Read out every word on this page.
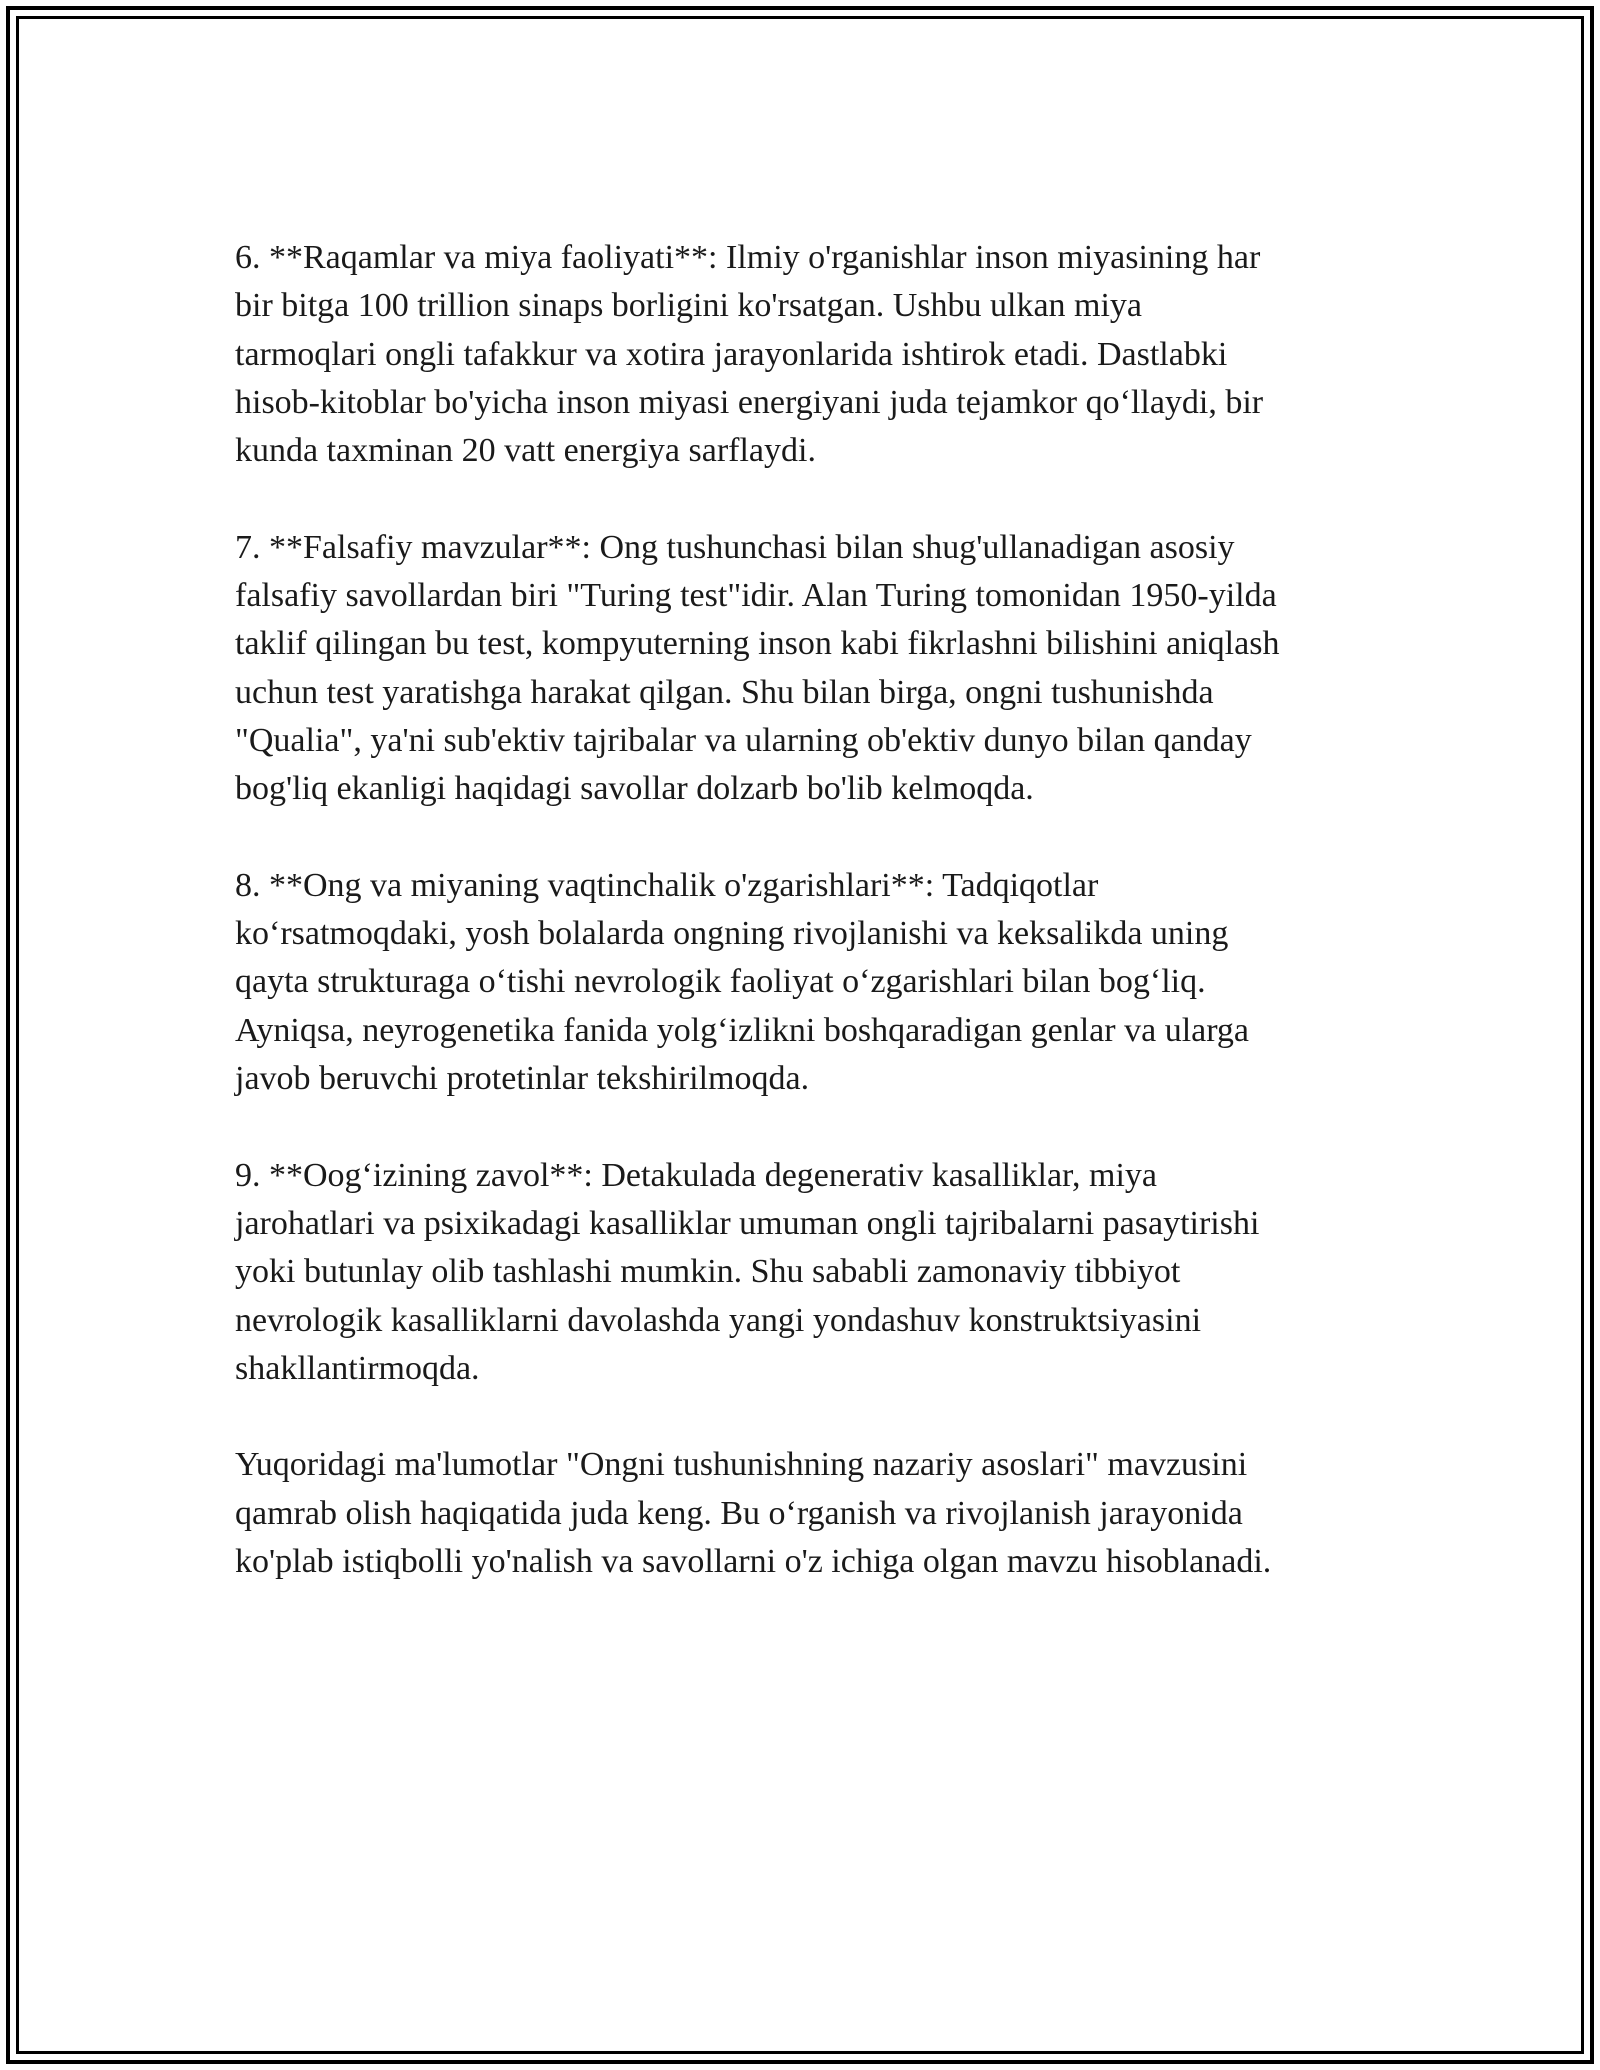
6. **Raqamlar va miya faoliyati**: Ilmiy o'rganishlar inson miyasining har
bir bitga 100 trillion sinaps borligini ko'rsatgan. Ushbu ulkan miya
tarmoqlari ongli tafakkur va xotira jarayonlarida ishtirok etadi. Dastlabki
hisob-kitoblar bo'yicha inson miyasi energiyani juda tejamkor qo‘llaydi, bir
kunda taxminan 20 vatt energiya sarflaydi.

7. **Falsafiy mavzular**: Ong tushunchasi bilan shug'ullanadigan asosiy
falsafiy savollardan biri "Turing test"idir. Alan Turing tomonidan 1950-yilda
taklif qilingan bu test, kompyuterning inson kabi fikrlashni bilishini aniqlash
uchun test yaratishga harakat qilgan. Shu bilan birga, ongni tushunishda
"Qualia", ya'ni sub'ektiv tajribalar va ularning ob'ektiv dunyo bilan qanday
bog'liq ekanligi haqidagi savollar dolzarb bo'lib kelmoqda.

8. **Ong va miyaning vaqtinchalik o'zgarishlari**: Tadqiqotlar
ko‘rsatmoqdaki, yosh bolalarda ongning rivojlanishi va keksalikda uning
qayta strukturaga o‘tishi nevrologik faoliyat o‘zgarishlari bilan bog‘liq.
Ayniqsa, neyrogenetika fanida yolg‘izlikni boshqaradigan genlar va ularga
javob beruvchi protetinlar tekshirilmoqda.

9. **Oog‘izining zavol**: Detakulada degenerativ kasalliklar, miya
jarohatlari va psixikadagi kasalliklar umuman ongli tajribalarni pasaytirishi
yoki butunlay olib tashlashi mumkin. Shu sababli zamonaviy tibbiyot
nevrologik kasalliklarni davolashda yangi yondashuv konstruktsiyasini
shakllantirmoqda.

Yuqoridagi ma'lumotlar "Ongni tushunishning nazariy asoslari" mavzusini
qamrab olish haqiqatida juda keng. Bu o‘rganish va rivojlanish jarayonida
ko'plab istiqbolli yo'nalish va savollarni o'z ichiga olgan mavzu hisoblanadi.
